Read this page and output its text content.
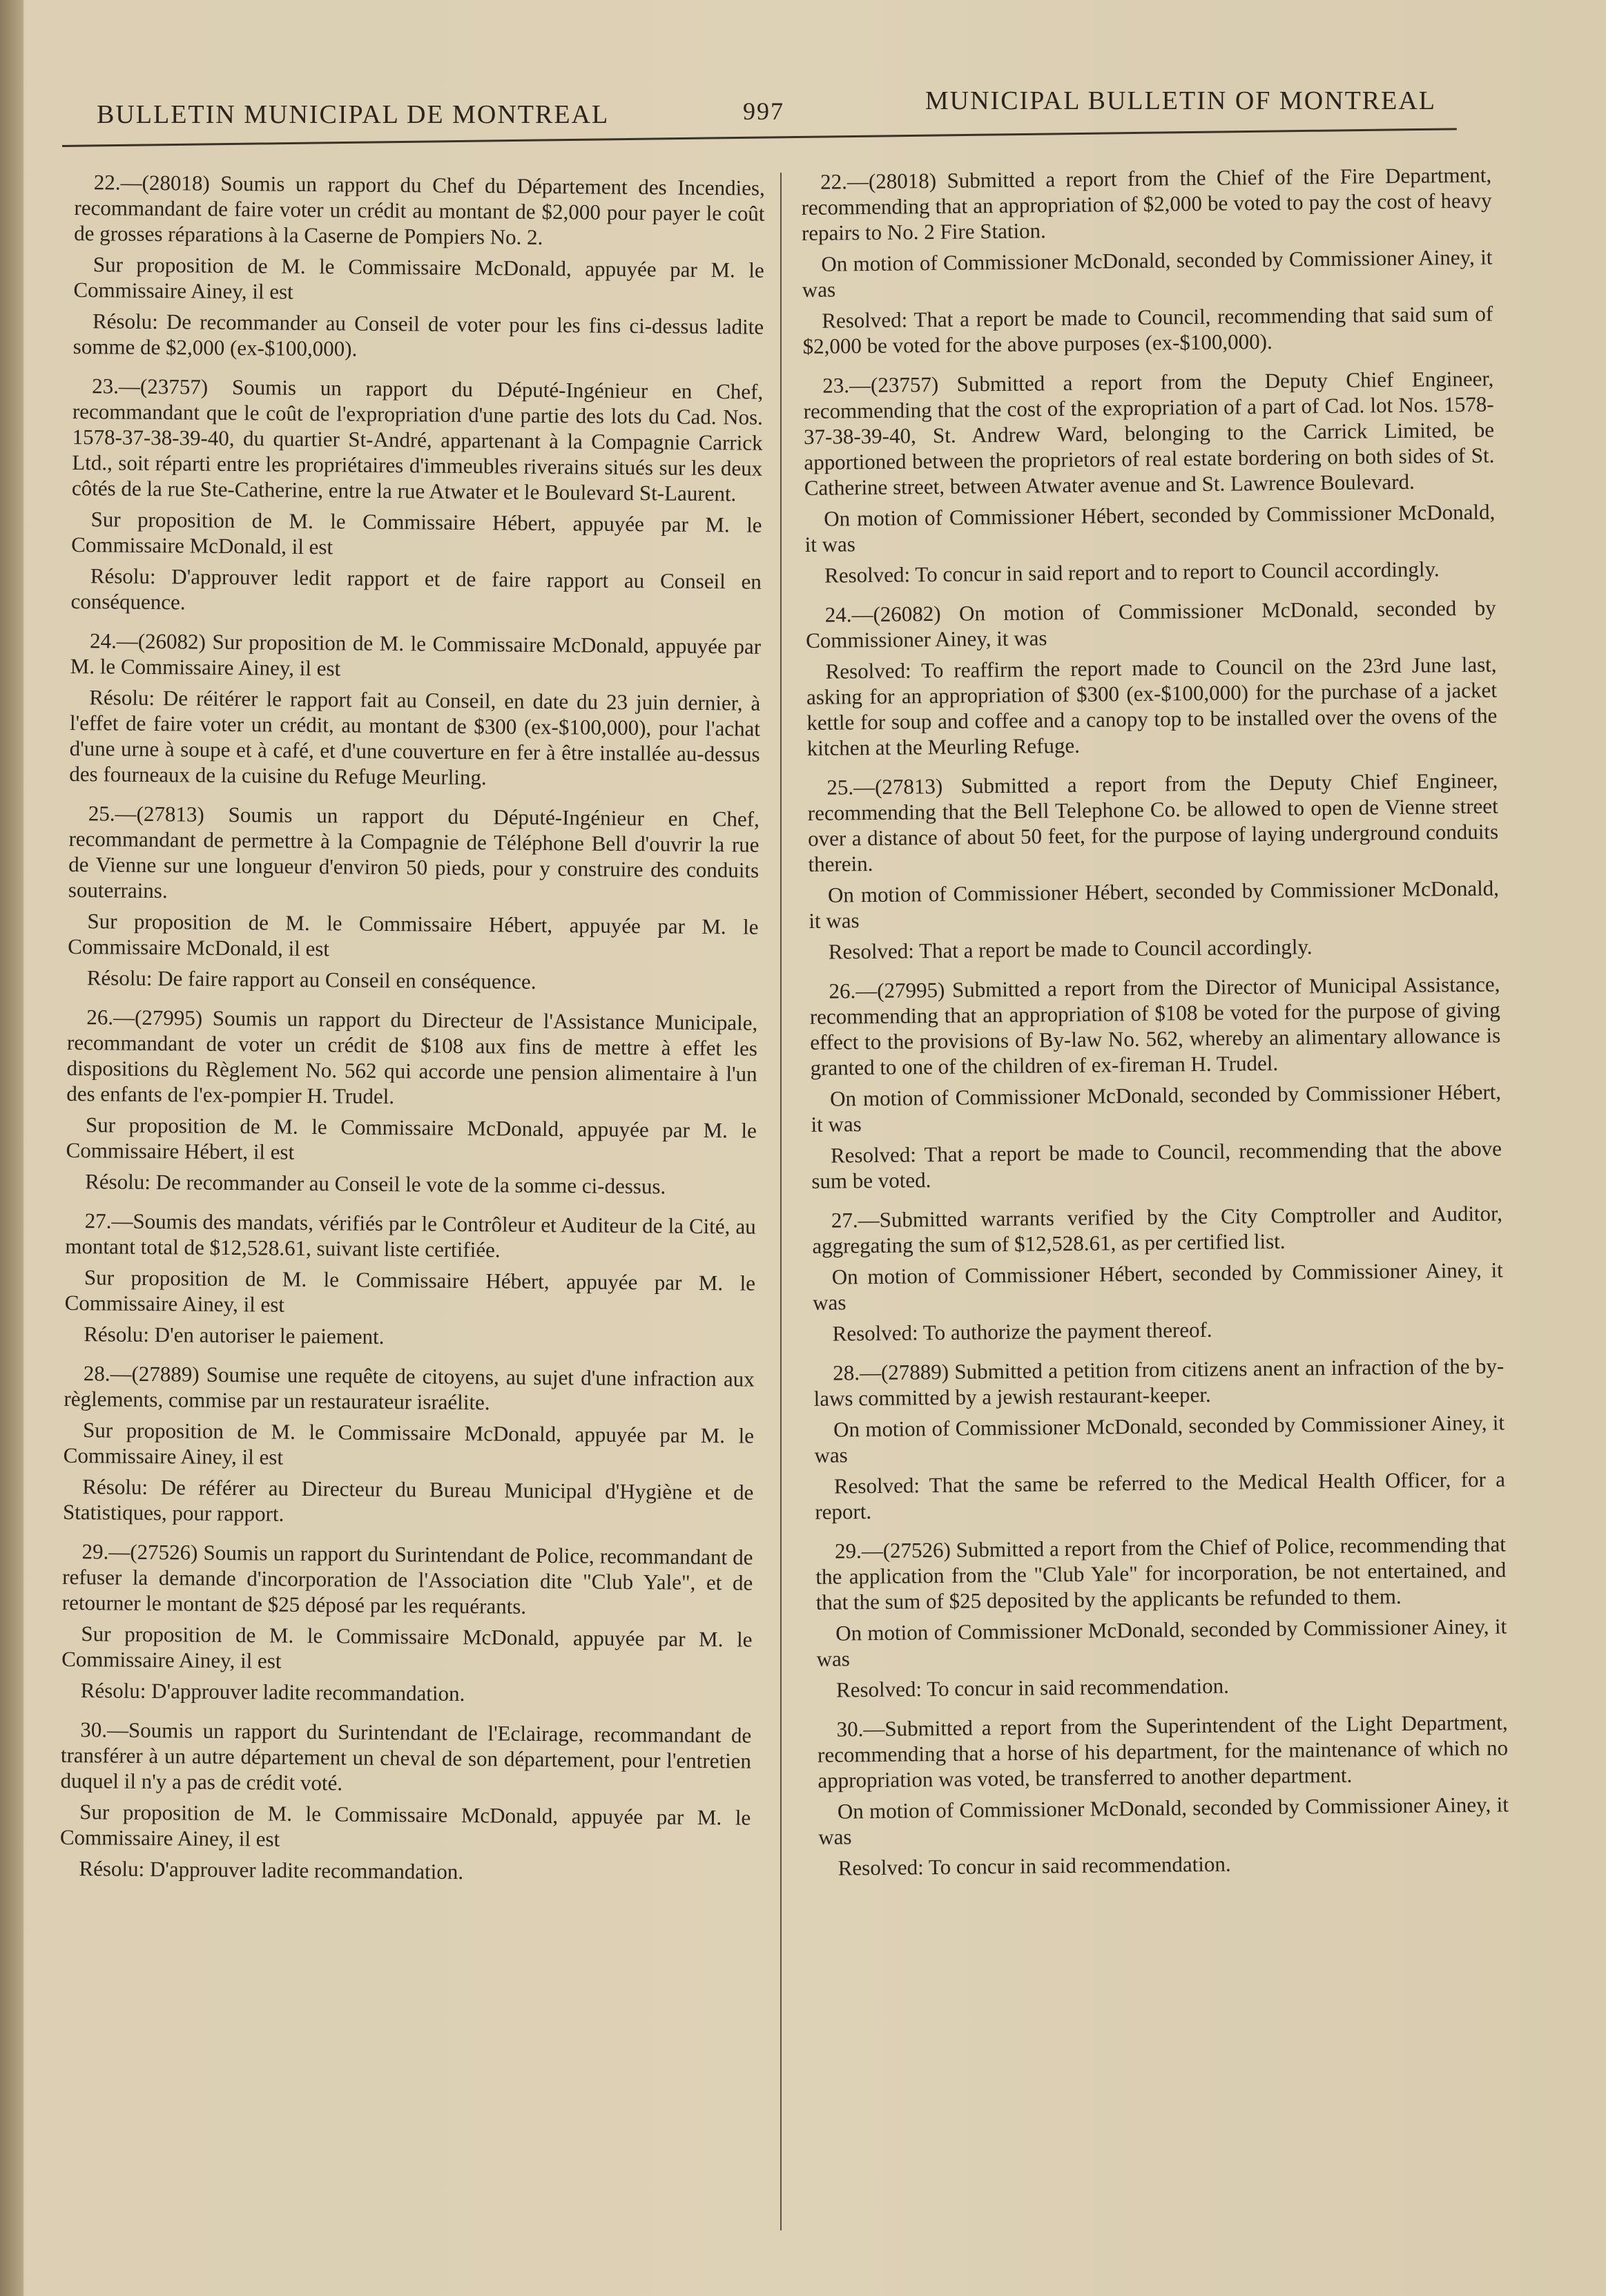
BULLETIN MUNICIPAL DE MONTREAL	997	MUNICIPAL BULLETIN OF MONTREAL

22.—(28018) Soumis un rapport du Chef du Département des Incendies, recommandant de faire voter un crédit au montant de $2,000 pour payer le coût de grosses réparations à la Caserne de Pompiers No. 2.

Sur proposition de M. le Commissaire McDonald, appuyée par M. le Commissaire Ainey, il est

Résolu: De recommander au Conseil de voter pour les fins ci-dessus ladite somme de $2,000 (ex-$100,000).

23.—(23757) Soumis un rapport du Député-Ingénieur en Chef, recommandant que le coût de l'expropriation d'une partie des lots du Cad. Nos. 1578-37-38-39-40, du quartier St-André, appartenant à la Compagnie Carrick Ltd., soit réparti entre les propriétaires d'immeubles riverains situés sur les deux côtés de la rue Ste-Catherine, entre la rue Atwater et le Boulevard St-Laurent.

Sur proposition de M. le Commissaire Hébert, appuyée par M. le Commissaire McDonald, il est

Résolu: D'approuver ledit rapport et de faire rapport au Conseil en conséquence.

24.—(26082) Sur proposition de M. le Commissaire McDonald, appuyée par M. le Commissaire Ainey, il est

Résolu: De réitérer le rapport fait au Conseil, en date du 23 juin dernier, à l'effet de faire voter un crédit, au montant de $300 (ex-$100,000), pour l'achat d'une urne à soupe et à café, et d'une couverture en fer à être installée au-dessus des fourneaux de la cuisine du Refuge Meurling.

25.—(27813) Soumis un rapport du Député-Ingénieur en Chef, recommandant de permettre à la Compagnie de Téléphone Bell d'ouvrir la rue de Vienne sur une longueur d'environ 50 pieds, pour y construire des conduits souterrains.

Sur proposition de M. le Commissaire Hébert, appuyée par M. le Commissaire McDonald, il est

Résolu: De faire rapport au Conseil en conséquence.

26.—(27995) Soumis un rapport du Directeur de l'Assistance Municipale, recommandant de voter un crédit de $108 aux fins de mettre à effet les dispositions du Règlement No. 562 qui accorde une pension alimentaire à l'un des enfants de l'ex-pompier H. Trudel.

Sur proposition de M. le Commissaire McDonald, appuyée par M. le Commissaire Hébert, il est

Résolu: De recommander au Conseil le vote de la somme ci-dessus.

27.—Soumis des mandats, vérifiés par le Contrôleur et Auditeur de la Cité, au montant total de $12,528.61, suivant liste certifiée.

Sur proposition de M. le Commissaire Hébert, appuyée par M. le Commissaire Ainey, il est

Résolu: D'en autoriser le paiement.

28.—(27889) Soumise une requête de citoyens, au sujet d'une infraction aux règlements, commise par un restaurateur israélite.

Sur proposition de M. le Commissaire McDonald, appuyée par M. le Commissaire Ainey, il est

Résolu: De référer au Directeur du Bureau Municipal d'Hygiène et de Statistiques, pour rapport.

29.—(27526) Soumis un rapport du Surintendant de Police, recommandant de refuser la demande d'incorporation de l'Association dite "Club Yale", et de retourner le montant de $25 déposé par les requérants.

Sur proposition de M. le Commissaire McDonald, appuyée par M. le Commissaire Ainey, il est

Résolu: D'approuver ladite recommandation.

30.—Soumis un rapport du Surintendant de l'Eclairage, recommandant de transférer à un autre département un cheval de son département, pour l'entretien duquel il n'y a pas de crédit voté.

Sur proposition de M. le Commissaire McDonald, appuyée par M. le Commissaire Ainey, il est

Résolu: D'approuver ladite recommandation.

22.—(28018) Submitted a report from the Chief of the Fire Department, recommending that an appropriation of $2,000 be voted to pay the cost of heavy repairs to No. 2 Fire Station.

On motion of Commissioner McDonald, seconded by Commissioner Ainey, it was

Resolved: That a report be made to Council, recommending that said sum of $2,000 be voted for the above purposes (ex-$100,000).

23.—(23757) Submitted a report from the Deputy Chief Engineer, recommending that the cost of the expropriation of a part of Cad. lot Nos. 1578-37-38-39-40, St. Andrew Ward, belonging to the Carrick Limited, be apportioned between the proprietors of real estate bordering on both sides of St. Catherine street, between Atwater avenue and St. Lawrence Boulevard.

On motion of Commissioner Hébert, seconded by Commissioner McDonald, it was

Resolved: To concur in said report and to report to Council accordingly.

24.—(26082) On motion of Commissioner McDonald, seconded by Commissioner Ainey, it was

Resolved: To reaffirm the report made to Council on the 23rd June last, asking for an appropriation of $300 (ex-$100,000) for the purchase of a jacket kettle for soup and coffee and a canopy top to be installed over the ovens of the kitchen at the Meurling Refuge.

25.—(27813) Submitted a report from the Deputy Chief Engineer, recommending that the Bell Telephone Co. be allowed to open de Vienne street over a distance of about 50 feet, for the purpose of laying underground conduits therein.

On motion of Commissioner Hébert, seconded by Commissioner McDonald, it was

Resolved: That a report be made to Council accordingly.

26.—(27995) Submitted a report from the Director of Municipal Assistance, recommending that an appropriation of $108 be voted for the purpose of giving effect to the provisions of By-law No. 562, whereby an alimentary allowance is granted to one of the children of ex-fireman H. Trudel.

On motion of Commissioner McDonald, seconded by Commissioner Hébert, it was

Resolved: That a report be made to Council, recommending that the above sum be voted.

27.—Submitted warrants verified by the City Comptroller and Auditor, aggregating the sum of $12,528.61, as per certified list.

On motion of Commissioner Hébert, seconded by Commissioner Ainey, it was

Resolved: To authorize the payment thereof.

28.—(27889) Submitted a petition from citizens anent an infraction of the by-laws committed by a jewish restaurant-keeper.

On motion of Commissioner McDonald, seconded by Commissioner Ainey, it was

Resolved: That the same be referred to the Medical Health Officer, for a report.

29.—(27526) Submitted a report from the Chief of Police, recommending that the application from the "Club Yale" for incorporation, be not entertained, and that the sum of $25 deposited by the applicants be refunded to them.

On motion of Commissioner McDonald, seconded by Commissioner Ainey, it was

Resolved: To concur in said recommendation.

30.—Submitted a report from the Superintendent of the Light Department, recommending that a horse of his department, for the maintenance of which no appropriation was voted, be transferred to another department.

On motion of Commissioner McDonald, seconded by Commissioner Ainey, it was

Resolved: To concur in said recommendation.
